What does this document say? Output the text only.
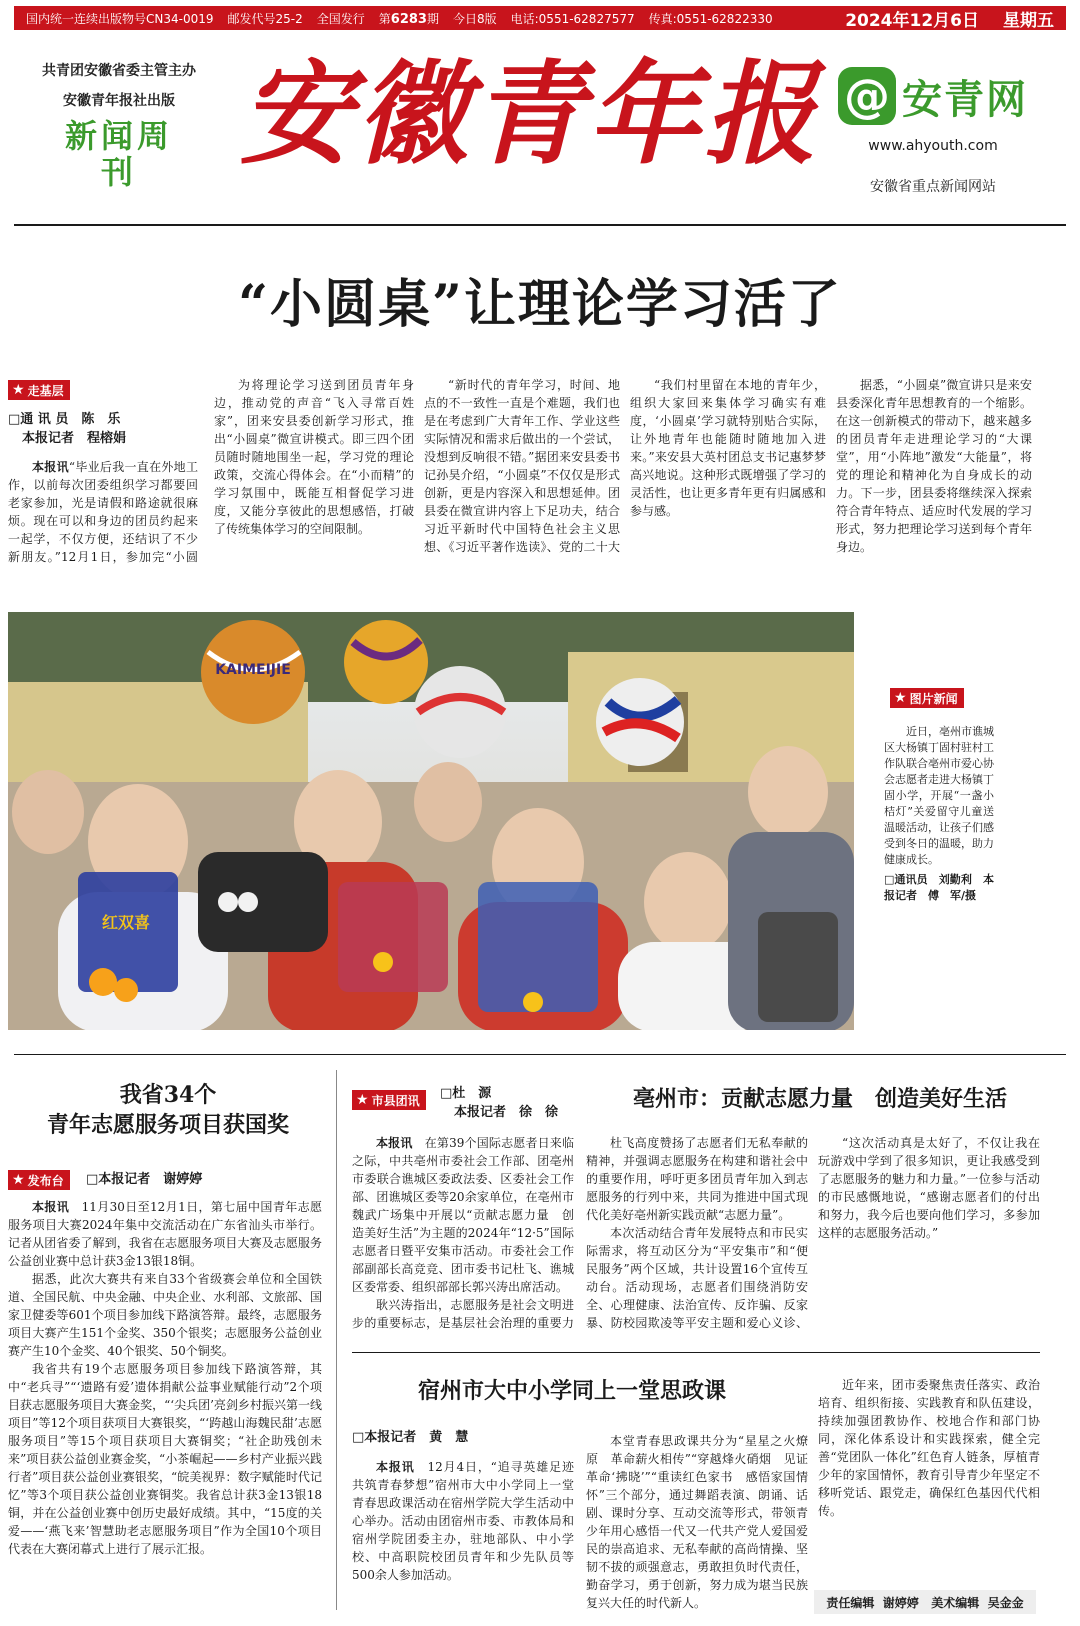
国内统一连续出版物号CN34-0019 邮发代号25-2 全国发行 第6283期 今日8版 电话:0551-62827577 传真:0551-62822330	2024年12月6日 星期五
共青团安徽省委主管主办
安徽青年报社出版
新闻周刊 安徽青年报 @ 安青网
www.ahyouth.com
安徽省重点新闻网站
“小圆桌”让理论学习活了
★ 走基层
□通 讯 员　陈　乐
本报记者　程榕娟

本报讯“毕业后我一直在外地工作，以前每次团委组织学习都要回老家参加，光是请假和路途就很麻烦。现在可以和身边的团员约起来一起学，不仅方便，还结识了不少新朋友。”12月1日，参加完“小圆

为将理论学习送到团员青年身边，推动党的声音“飞入寻常百姓家”，团来安县委创新学习形式，推出“小圆桌”微宣讲模式。即三四个团员随时随地围坐一起，学习党的理论政策，交流心得体会。在“小而精”的学习氛围中，既能互相督促学习进度，又能分享彼此的思想感悟，打破了传统集体学习的空间限制。

“新时代的青年学习，时间、地点的不一致性一直是个难题，我们也是在考虑到广大青年工作、学业这些实际情况和需求后做出的一个尝试，没想到反响很不错。”据团来安县委书记孙昊介绍，“小圆桌”不仅仅是形式创新，更是内容深入和思想延伸。团县委在微宣讲内容上下足功夫，结合习近平新时代中国特色社会主义思想、《习近平著作选读》、党的二十大

“我们村里留在本地的青年少，组织大家回来集体学习确实有难度，‘小圆桌’学习就特别贴合实际，让外地青年也能随时随地加入进来。”来安县大英村团总支书记惠梦梦高兴地说。这种形式既增强了学习的灵活性，也让更多青年更有归属感和参与感。

据悉，“小圆桌”微宣讲只是来安县委深化青年思想教育的一个缩影。在这一创新模式的带动下，越来越多的团员青年走进理论学习的“大课堂”，用“小阵地”激发“大能量”，将党的理论和精神化为自身成长的动力。下一步，团县委将继续深入探索符合青年特点、适应时代发展的学习形式，努力把理论学习送到每个青年身边。

KAIMEIJIE
红双喜
★ 图片新闻

近日，亳州市谯城区大杨镇丁固村驻村工作队联合亳州市爱心协会志愿者走进大杨镇丁固小学，开展“一盏小桔灯”关爱留守儿童送温暖活动，让孩子们感受到冬日的温暖，助力健康成长。

□通讯员　刘勤利　本报记者　傅　军/摄
我省34个
青年志愿服务项目获国奖
★ 发布台 □本报记者　谢婷婷

本报讯　 11月30日至12月1日，第七届中国青年志愿服务项目大赛2024年集中交流活动在广东省汕头市举行。记者从团省委了解到，我省在志愿服务项目大赛及志愿服务公益创业赛中总计获3金13银18铜。

据悉，此次大赛共有来自33个省级赛会单位和全国铁道、全国民航、中央金融、中央企业、水利部、文旅部、国家卫健委等601个项目参加线下路演答辩。最终，志愿服务项目大赛产生151个金奖、350个银奖；志愿服务公益创业赛产生10个金奖、40个银奖、50个铜奖。

我省共有19个志愿服务项目参加线下路演答辩，其中“老兵寻”“‘遗路有爱’遗体捐献公益事业赋能行动”2个项目获志愿服务项目大赛金奖，“‘尖兵团’亮剑乡村振兴第一线项目”等12个项目获项目大赛银奖，“‘跨越山海魏民甜’志愿服务项目”等15个项目获项目大赛铜奖；“社企助残创未来”项目获公益创业赛金奖，“小茶崛起——乡村产业振兴践行者”项目获公益创业赛银奖，“皖美视界：数字赋能时代记忆”等3个项目获公益创业赛铜奖。我省总计获3金13银18铜，并在公益创业赛中创历史最好成绩。其中，“15度的关爱——‘燕飞来’智慧助老志愿服务项目”作为全国10个项目代表在大赛闭幕式上进行了展示汇报。

★ 市县团讯 □杜　源
本报记者　徐　徐
亳州市：贡献志愿力量　创造美好生活

本报讯　 在第39个国际志愿者日来临之际，中共亳州市委社会工作部、团亳州市委联合谯城区委政法委、区委社会工作部、团谯城区委等20余家单位，在亳州市魏武广场集中开展以“贡献志愿力量　创造美好生活”为主题的2024年“12·5”国际志愿者日暨平安集市活动。市委社会工作部副部长高竞竞、团市委书记杜飞、谯城区委常委、组织部部长郭兴涛出席活动。

耿兴涛指出，志愿服务是社会文明进步的重要标志，是基层社会治理的重要力

杜飞高度赞扬了志愿者们无私奉献的精神，并强调志愿服务在构建和谐社会中的重要作用，呼吁更多团员青年加入到志愿服务的行列中来，共同为推进中国式现代化美好亳州新实践贡献“志愿力量”。

本次活动结合青年发展特点和市民实际需求，将互动区分为“平安集市”和“便民服务”两个区域，共计设置16个宣传互动台。活动现场，志愿者们围绕消防安全、心理健康、法治宣传、反诈骗、反家暴、防校园欺凌等平安主题和爱心义诊、

“这次活动真是太好了，不仅让我在玩游戏中学到了很多知识，更让我感受到了志愿服务的魅力和力量。”一位参与活动的市民感慨地说，“感谢志愿者们的付出和努力，我今后也要向他们学习，多参加这样的志愿服务活动。”

宿州市大中小学同上一堂思政课
□本报记者　黄　慧

本报讯　 12月4日，“追寻英雄足迹　共筑青春梦想”宿州市大中小学同上一堂青春思政课活动在宿州学院大学生活动中心举办。活动由团宿州市委、市教体局和宿州学院团委主办，驻地部队、中小学校、中高职院校团员青年和少先队员等500余人参加活动。

本堂青春思政课共分为“星星之火燎原　革命薪火相传”“穿越烽火硝烟　见证革命‘拂晓’”“重读红色家书　感悟家国情怀”三个部分，通过舞蹈表演、朗诵、话剧、课时分享、互动交流等形式，带领青少年用心感悟一代又一代共产党人爱国爱民的崇高追求、无私奉献的高尚情操、坚韧不拔的顽强意志，勇敢担负时代责任，勤奋学习，勇于创新，努力成为堪当民族复兴大任的时代新人。

近年来，团市委聚焦责任落实、政治培育、组织衔接、实践教育和队伍建设，持续加强团教协作、校地合作和部门协同，深化体系设计和实践探索，健全完善“党团队一体化”红色育人链条，厚植青少年的家国情怀，教育引导青少年坚定不移听党话、跟党走，确保红色基因代代相传。

责任编辑
谢婷婷
美术编辑
吴金金
